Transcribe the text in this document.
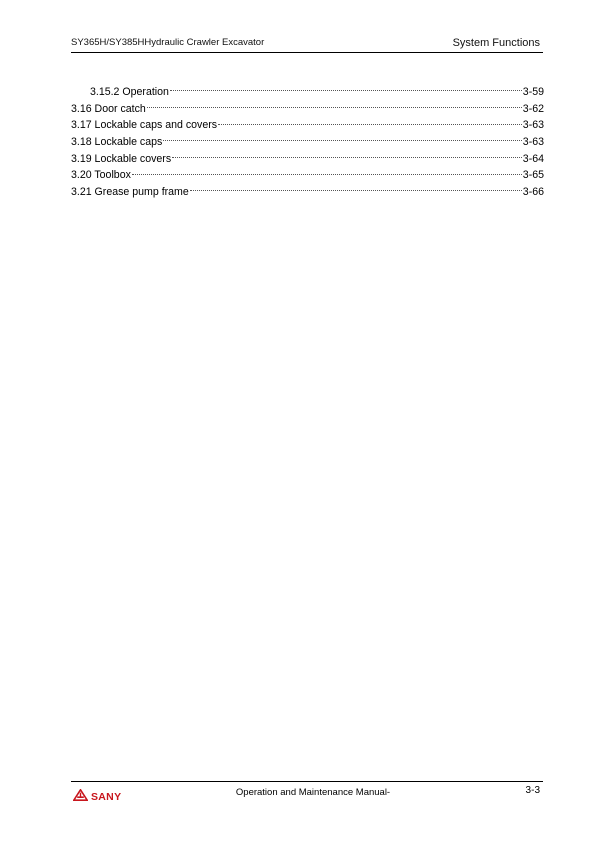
SY365H/SY385HHydraulic Crawler Excavator	System Functions
3.15.2 Operation	3-59
3.16 Door catch	3-62
3.17 Lockable caps and covers	3-63
3.18 Lockable caps	3-63
3.19 Lockable covers	3-64
3.20 Toolbox	3-65
3.21 Grease pump frame	3-66
SANY	Operation and Maintenance Manual-	3-3
